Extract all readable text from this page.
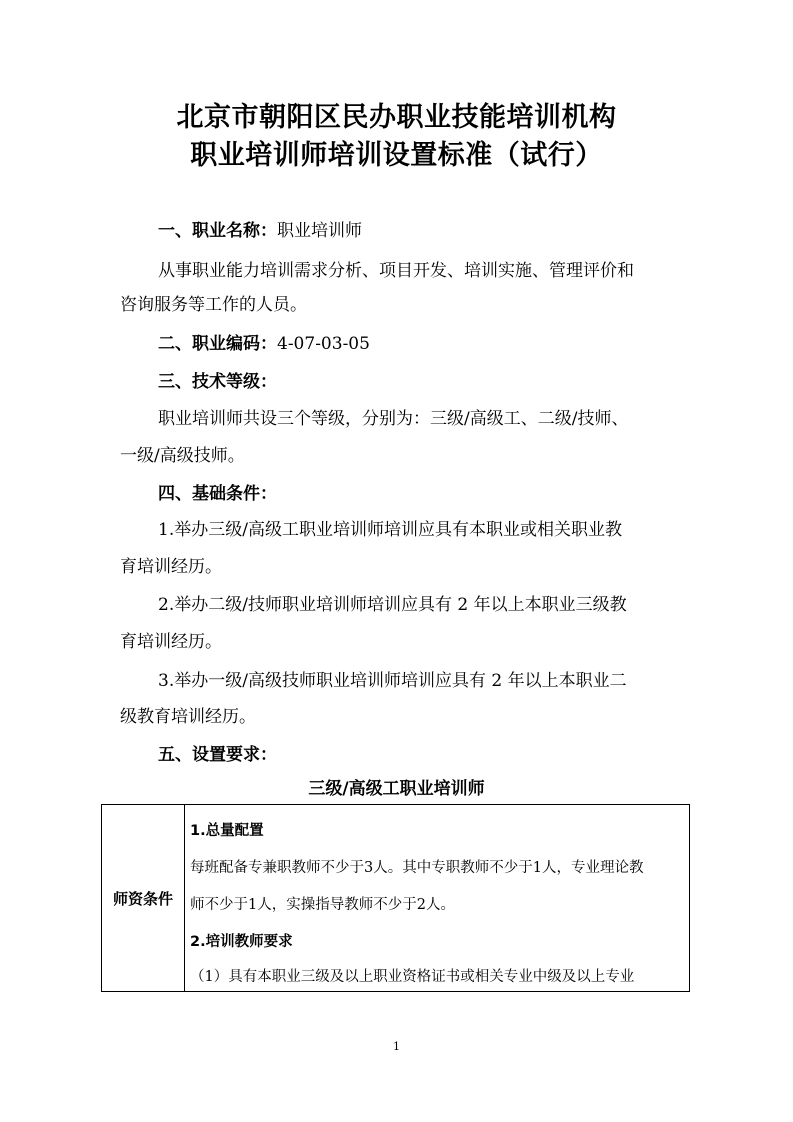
北京市朝阳区民办职业技能培训机构
职业培训师培训设置标准（试行）
一、职业名称：职业培训师
从事职业能力培训需求分析、项目开发、培训实施、管理评价和
咨询服务等工作的人员。
二、职业编码：4-07-03-05
三、技术等级：
职业培训师共设三个等级，分别为：三级/高级工、二级/技师、
一级/高级技师。
四、基础条件：
1.举办三级/高级工职业培训师培训应具有本职业或相关职业教
育培训经历。
2.举办二级/技师职业培训师培训应具有 2 年以上本职业三级教
育培训经历。
3.举办一级/高级技师职业培训师培训应具有 2 年以上本职业二
级教育培训经历。
五、设置要求：
三级/高级工职业培训师
师资条件
1.总量配置
每班配备专兼职教师不少于3人。其中专职教师不少于1人，专业理论教
师不少于1人，实操指导教师不少于2人。
2.培训教师要求
（1）具有本职业三级及以上职业资格证书或相关专业中级及以上专业
1
